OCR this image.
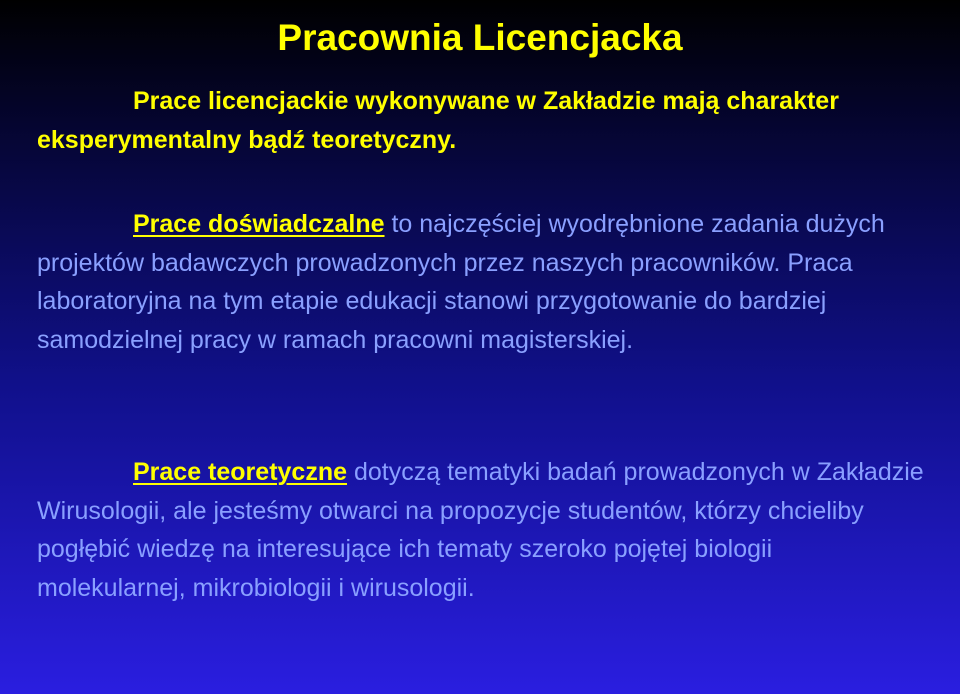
Pracownia Licencjacka

Prace licencjackie wykonywane w Zakładzie mają charakter eksperymentalny bądź teoretyczny.

Prace doświadczalne to najczęściej wyodrębnione zadania dużych projektów badawczych prowadzonych przez naszych pracowników. Praca laboratoryjna na tym etapie edukacji stanowi przygotowanie do bardziej samodzielnej pracy w ramach pracowni magisterskiej.

Prace teoretyczne dotyczą tematyki badań prowadzonych w Zakładzie Wirusologii, ale jesteśmy otwarci na propozycje studentów, którzy chcieliby pogłębić wiedzę na interesujące ich tematy szeroko pojętej biologii molekularnej, mikrobiologii i wirusologii.
